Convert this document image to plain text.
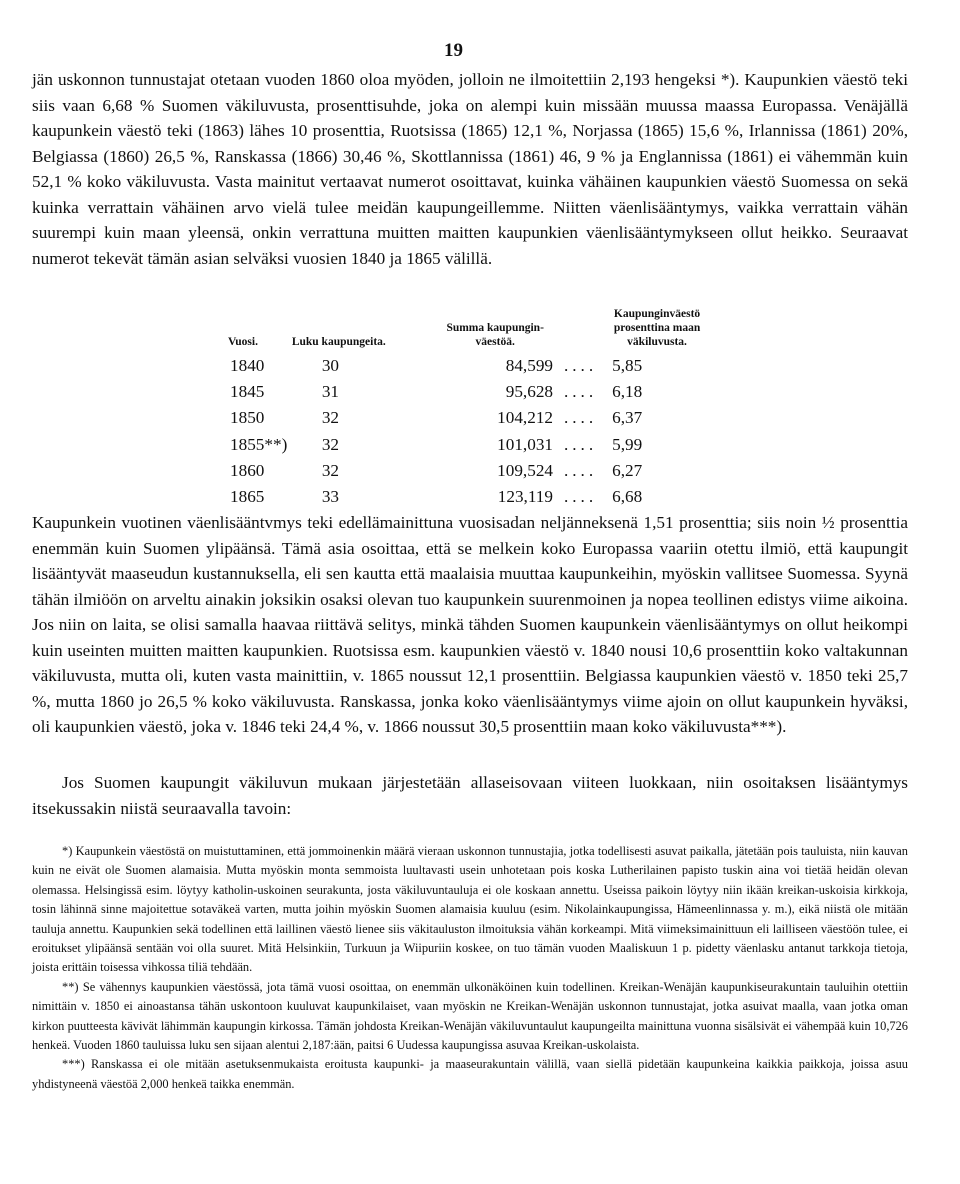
19

jän uskonnon tunnustajat otetaan vuoden 1860 oloa myöden, jolloin ne ilmoitettiin 2,193 hengeksi *). Kaupunkien väestö teki siis vaan 6,68 % Suomen väkiluvusta, prosenttisuhde, joka on alempi kuin missään muussa maassa Europassa. Venäjällä kaupunkein väestö teki (1863) lähes 10 prosenttia, Ruotsissa (1865) 12,1 %, Norjassa (1865) 15,6 %, Irlannissa (1861) 20%, Belgiassa (1860) 26,5 %, Ranskassa (1866) 30,46 %, Skottlannissa (1861) 46, 9 % ja Englannissa (1861) ei vähemmän kuin 52,1 % koko väkiluvusta. Vasta mainitut vertaavat numerot osoittavat, kuinka vähäinen kaupunkien väestö Suomessa on sekä kuinka verrattain vähäinen arvo vielä tulee meidän kaupungeillemme. Niitten väenlisääntymys, vaikka verrattain vähän suurempi kuin maan yleensä, onkin verrattuna muitten maitten kaupunkien väenlisääntymykseen ollut heikko. Seuraavat numerot tekevät tämän asian selväksi vuosien 1840 ja 1865 välillä.

Vuosi.	Luku kaupungeita.	Summa kaupungin-väestöä.		Kaupunginväestö prosenttina maan väkiluvusta.
1840	30	84,599	....	5,85
1845	31	95,628	....	6,18
1850	32	104,212	....	6,37
1855**)	32	101,031	....	5,99
1860	32	109,524	....	6,27
1865	33	123,119	....	6,68

Kaupunkein vuotinen väenlisääntvmys teki edellämainittuna vuosisadan neljänneksenä 1,51 prosenttia; siis noin ½ prosenttia enemmän kuin Suomen ylipäänsä. Tämä asia osoittaa, että se melkein koko Europassa vaariin otettu ilmiö, että kaupungit lisääntyvät maaseudun kustannuksella, eli sen kautta että maalaisia muuttaa kaupunkeihin, myöskin vallitsee Suomessa. Syynä tähän ilmiöön on arveltu ainakin joksikin osaksi olevan tuo kaupunkein suurenmoinen ja nopea teollinen edistys viime aikoina. Jos niin on laita, se olisi samalla haavaa riittävä selitys, minkä tähden Suomen kaupunkein väenlisääntymys on ollut heikompi kuin useinten muitten maitten kaupunkien. Ruotsissa esm. kaupunkien väestö v. 1840 nousi 10,6 prosenttiin koko valtakunnan väkiluvusta, mutta oli, kuten vasta mainittiin, v. 1865 noussut 12,1 prosenttiin. Belgiassa kaupunkien väestö v. 1850 teki 25,7 %, mutta 1860 jo 26,5 % koko väkiluvusta. Ranskassa, jonka koko väenlisääntymys viime ajoin on ollut kaupunkein hyväksi, oli kaupunkien väestö, joka v. 1846 teki 24,4 %, v. 1866 noussut 30,5 prosenttiin maan koko väkiluvusta***).

Jos Suomen kaupungit väkiluvun mukaan järjestetään allaseisovaan viiteen luokkaan, niin osoitaksen lisääntymys itsekussakin niistä seuraavalla tavoin:

*) Kaupunkein väestöstä on muistuttaminen, että jommoinenkin määrä vieraan uskonnon tunnustajia, jotka todellisesti asuvat paikalla, jätetään pois tauluista, niin kauvan kuin ne eivät ole Suomen alamaisia. Mutta myöskin monta semmoista luultavasti usein unhotetaan pois koska Lutherilainen papisto tuskin aina voi tietää heidän olevan olemassa. Helsingissä esim. löytyy katholin-uskoinen seurakunta, josta väkiluvuntauluja ei ole koskaan annettu. Useissa paikoin löytyy niin ikään kreikan-uskoisia kirkkoja, tosin lähinnä sinne majoitettue sotaväkeä varten, mutta joihin myöskin Suomen alamaisia kuuluu (esim. Nikolainkaupungissa, Hämeenlinnassa y. m.), eikä niistä ole mitään tauluja annettu. Kaupunkien sekä todellinen että laillinen väestö lienee siis väkitauluston ilmoituksia vähän korkeampi. Mitä viimeksimainittuun eli lailliseen väestöön tulee, ei eroitukset ylipäänsä sentään voi olla suuret. Mitä Helsinkiin, Turkuun ja Wiipuriin koskee, on tuo tämän vuoden Maaliskuun 1 p. pidetty väenlasku antanut tarkkoja tietoja, joista erittäin toisessa vihkossa tiliä tehdään.

**) Se vähennys kaupunkien väestössä, jota tämä vuosi osoittaa, on enemmän ulkonäköinen kuin todellinen. Kreikan-Wenäjän kaupunkiseurakuntain tauluihin otettiin nimittäin v. 1850 ei ainoastansa tähän uskontoon kuuluvat kaupunkilaiset, vaan myöskin ne Kreikan-Wenäjän uskonnon tunnustajat, jotka asuivat maalla, vaan jotka oman kirkon puutteesta kävivät lähimmän kaupungin kirkossa. Tämän johdosta Kreikan-Wenäjän väkiluvuntaulut kaupungeilta mainittuna vuonna sisälsivät ei vähempää kuin 10,726 henkeä. Vuoden 1860 tauluissa luku sen sijaan alentui 2,187:ään, paitsi 6 Uudessa kaupungissa asuvaa Kreikan-uskolaista.

***) Ranskassa ei ole mitään asetuksenmukaista eroitusta kaupunki- ja maaseurakuntain välillä, vaan siellä pidetään kaupunkeina kaikkia paikkoja, joissa asuu yhdistyneenä väestöä 2,000 henkeä taikka enemmän.
